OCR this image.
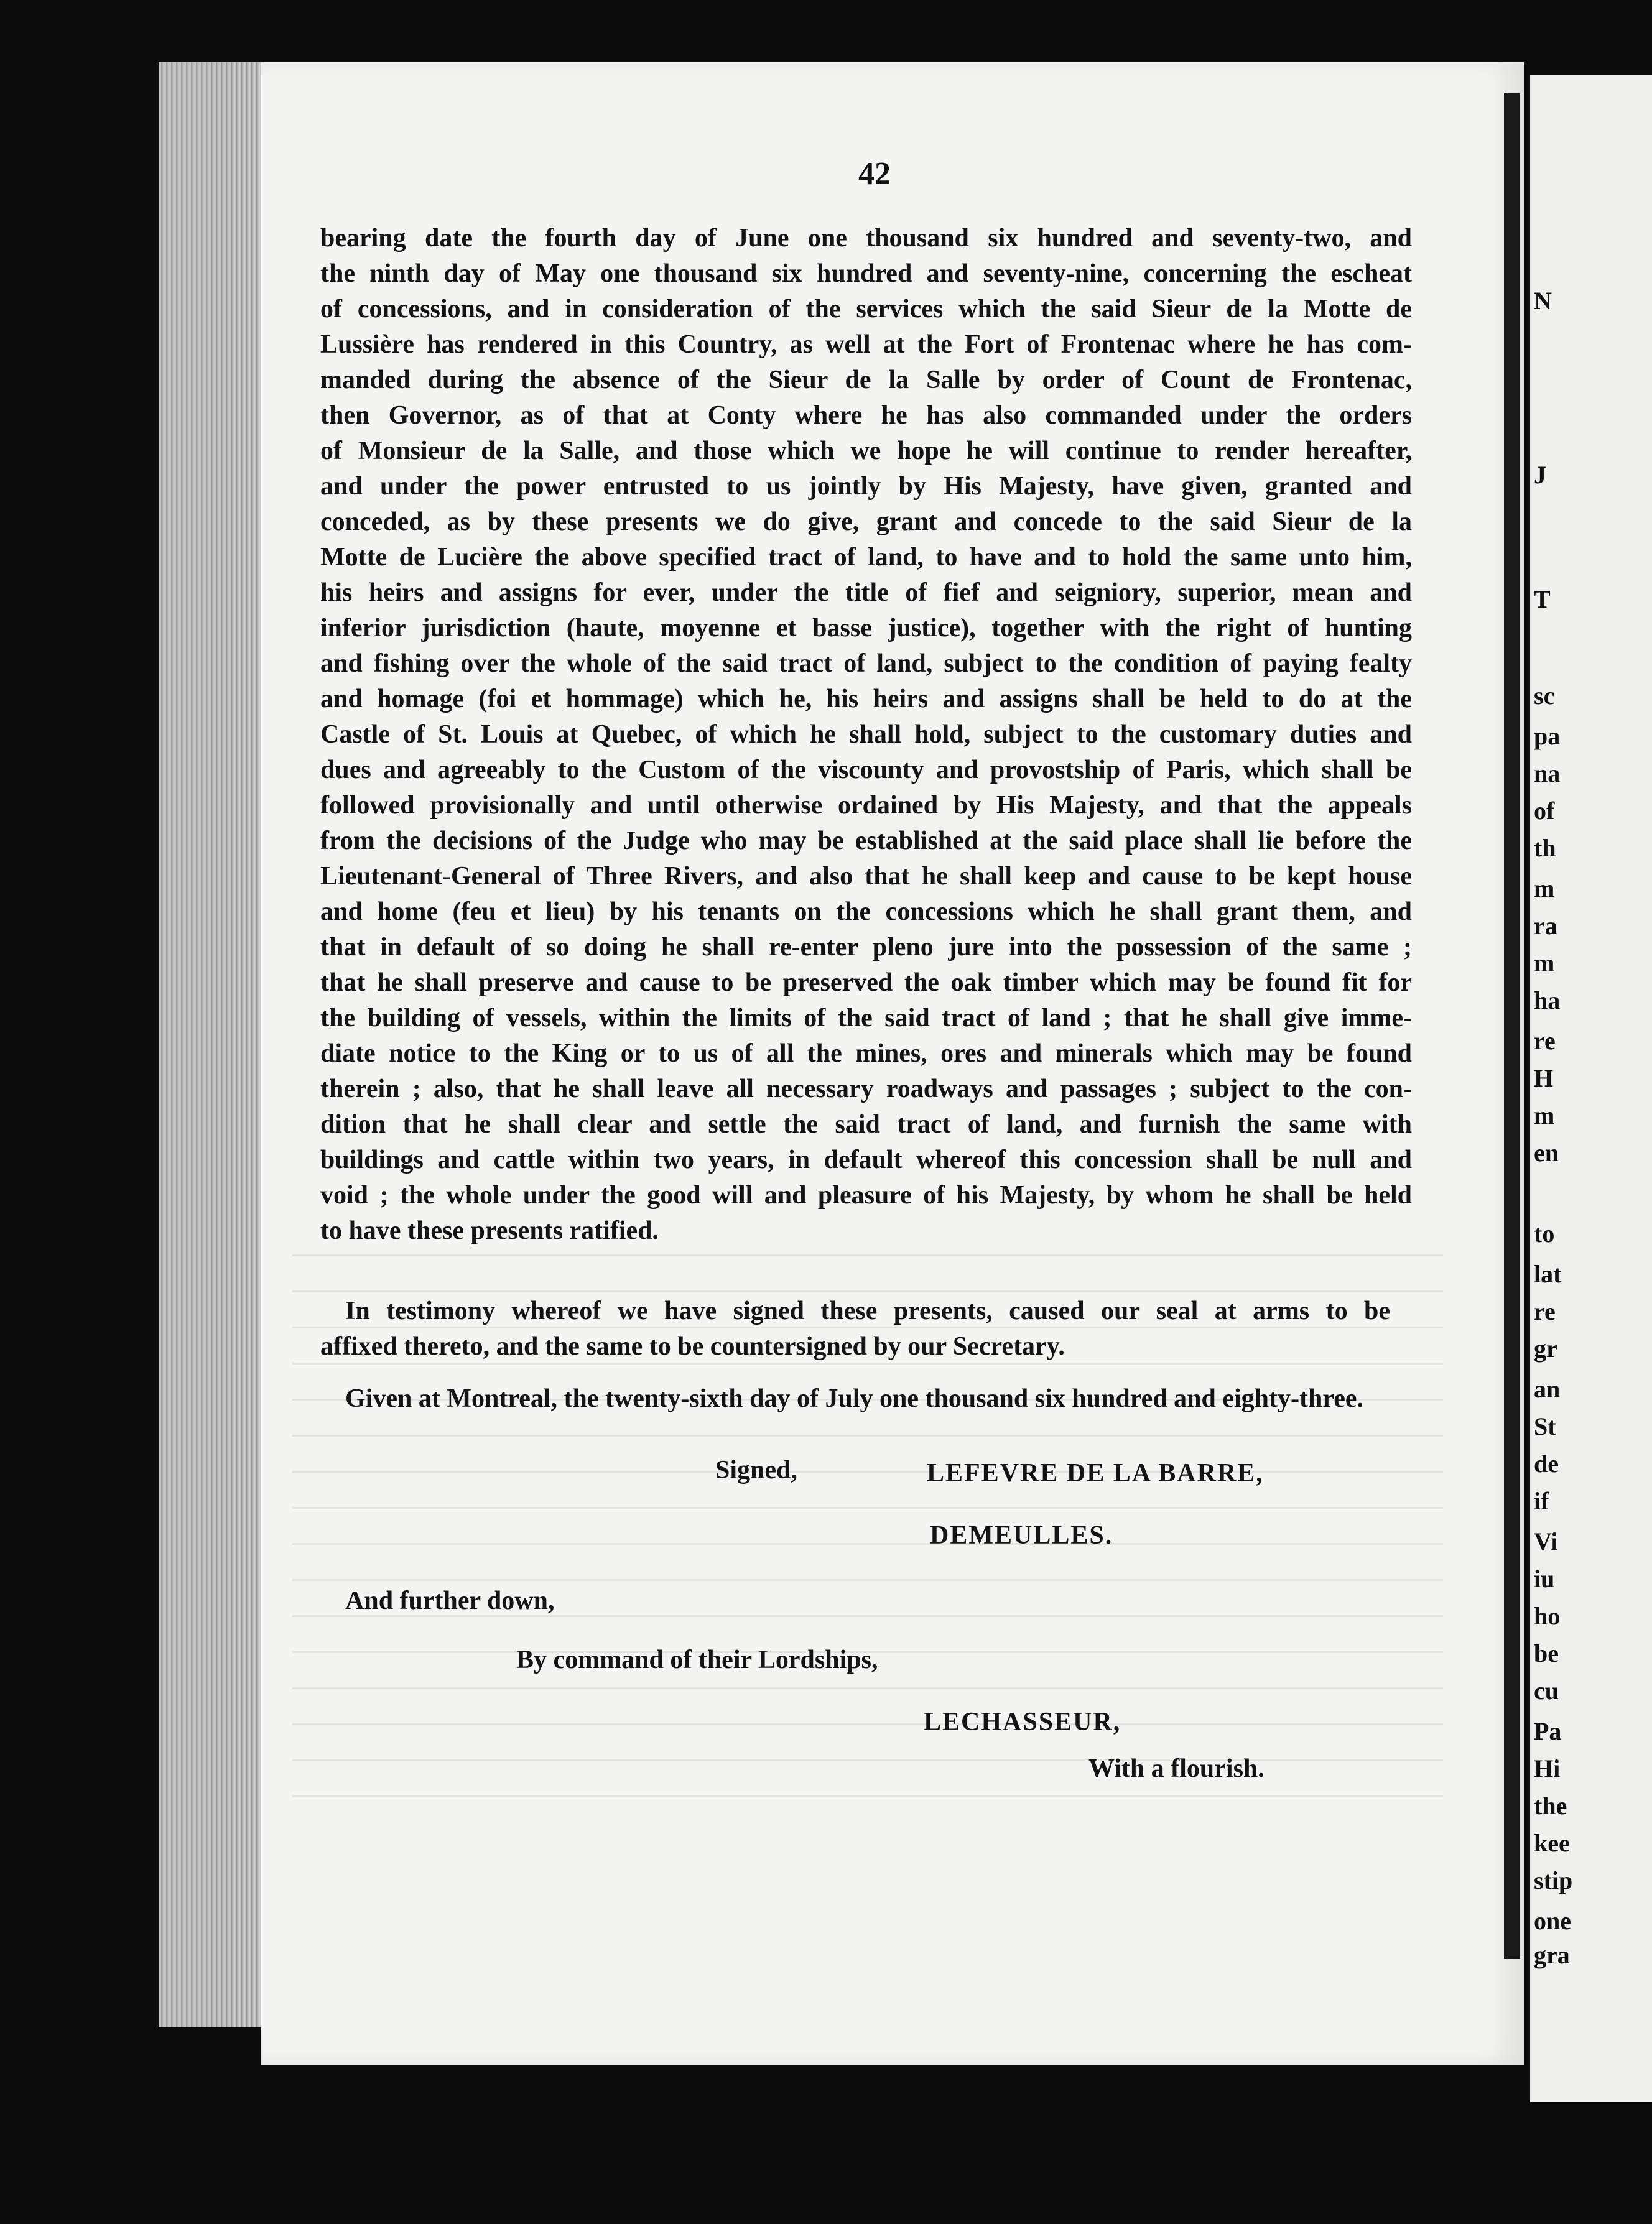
42
bearing date the fourth day of June one thousand six hundred and seventy-two, and
the ninth day of May one thousand six hundred and seventy-nine, concerning the escheat
of concessions, and in consideration of the services which the said Sieur de la Motte de
Lussière has rendered in this Country, as well at the Fort of Frontenac where he has com-
manded during the absence of the Sieur de la Salle by order of Count de Frontenac,
then Governor, as of that at Conty where he has also commanded under the orders
of Monsieur de la Salle, and those which we hope he will continue to render hereafter,
and under the power entrusted to us jointly by His Majesty, have given, granted and
conceded, as by these presents we do give, grant and concede to the said Sieur de la
Motte de Lucière the above specified tract of land, to have and to hold the same unto him,
his heirs and assigns for ever, under the title of fief and seigniory, superior, mean and
inferior jurisdiction (haute, moyenne et basse justice), together with the right of hunting
and fishing over the whole of the said tract of land, subject to the condition of paying fealty
and homage (foi et hommage) which he, his heirs and assigns shall be held to do at the
Castle of St. Louis at Quebec, of which he shall hold, subject to the customary duties and
dues and agreeably to the Custom of the viscounty and provostship of Paris, which shall be
followed provisionally and until otherwise ordained by His Majesty, and that the appeals
from the decisions of the Judge who may be established at the said place shall lie before the
Lieutenant-General of Three Rivers, and also that he shall keep and cause to be kept house
and home (feu et lieu) by his tenants on the concessions which he shall grant them, and
that in default of so doing he shall re-enter pleno jure into the possession of the same ;
that he shall preserve and cause to be preserved the oak timber which may be found fit for
the building of vessels, within the limits of the said tract of land ; that he shall give imme-
diate notice to the King or to us of all the mines, ores and minerals which may be found
therein ; also, that he shall leave all necessary roadways and passages ; subject to the con-
dition that he shall clear and settle the said tract of land, and furnish the same with
buildings and cattle within two years, in default whereof this concession shall be null and
void ; the whole under the good will and pleasure of his Majesty, by whom he shall be held
to have these presents ratified.
In testimony whereof we have signed these presents, caused our seal at arms to be
affixed thereto, and the same to be countersigned by our Secretary.
Given at Montreal, the twenty-sixth day of July one thousand six hundred and eighty-three.
Signed,	LEFEVRE DE LA BARRE,
DEMEULLES.
And further down,
By command of their Lordships,
LECHASSEUR,
With a flourish.
N
J
T
sc
pa
na
of
th
m
ra
m
ha
re
H
m
en
to
lat
re
gr
an
St
de
if
Vi
iu
ho
be
cu
Pa
Hi
the
kee
stip
one
gra
